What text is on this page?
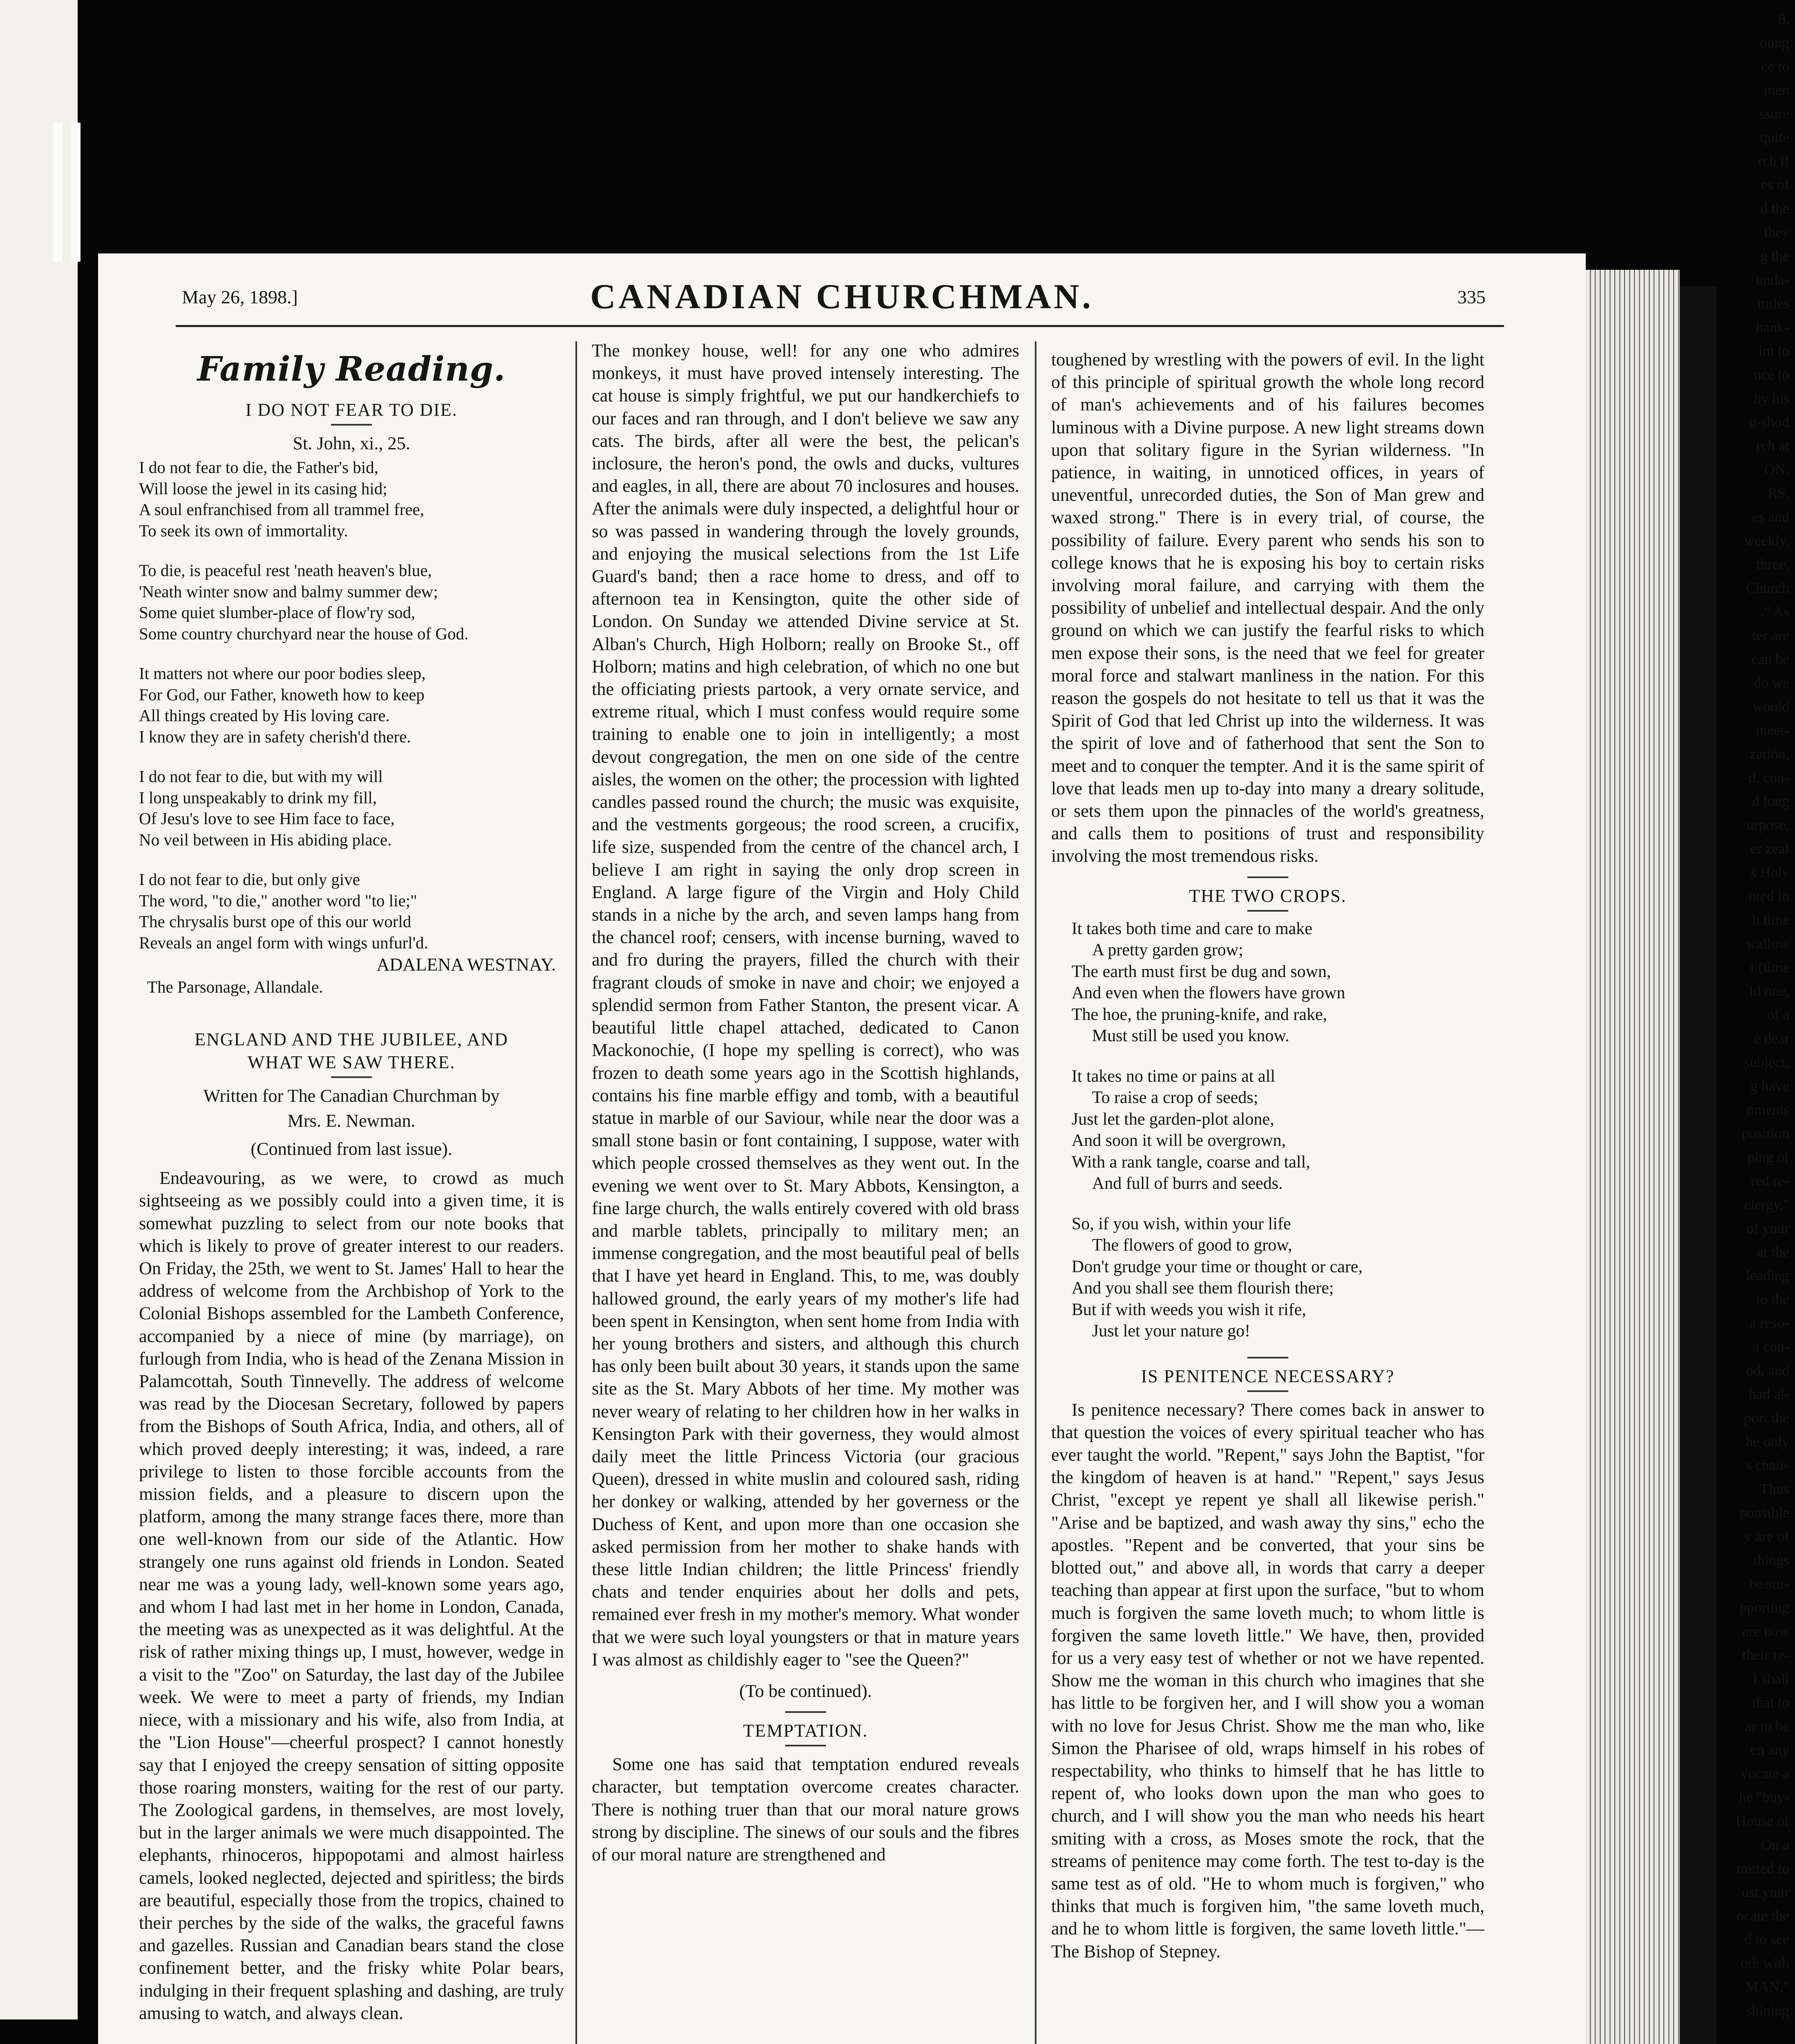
8.
oung
ce to
men
ssure
quite
rch if
es of
d the
they
g the
unda-
miles
hank-
im to
nce to
by his
o-shod
rch at
ON.
RS.
es and
weekly,
three,
Church
." As
ter are
can be
do we
would
meet-
zation,
d, con-
d long
urpose,
er zeal
s Holy
oted in
h time
wallow
t (time
ld one,
of a
e dear
subject,
g have
nments
position
ping of
red re-
elergy."
of your
at the
leading
to the
a reso-
n con-
od, and
had al-
port the
he only
s chair-
Thus
ponsible
y are of
things
be sur-
pporting
are now
their re-
I shall
that to
ar to be
en any
vocate a
he "buy-
House of
On a
mitted to
ust your
ocate the
d to see
oth with
MAN."
shining
May 26, 1898.]	CANADIAN CHURCHMAN.	335

Family Reading.

I DO NOT FEAR TO DIE.

St. John, xi., 25.

I do not fear to die, the Father's bid,

Will loose the jewel in its casing hid;

A soul enfranchised from all trammel free,

To seek its own of immortality.

To die, is peaceful rest 'neath heaven's blue,

'Neath winter snow and balmy summer dew;

Some quiet slumber-place of flow'ry sod,

Some country churchyard near the house of God.

It matters not where our poor bodies sleep,

For God, our Father, knoweth how to keep

All things created by His loving care.

I know they are in safety cherish'd there.

I do not fear to die, but with my will

I long unspeakably to drink my fill,

Of Jesu's love to see Him face to face,

No veil between in His abiding place.

I do not fear to die, but only give

The word, "to die," another word "to lie;"

The chrysalis burst ope of this our world

Reveals an angel form with wings unfurl'd.

ADALENA WESTNAY.

The Parsonage, Allandale.

ENGLAND AND THE JUBILEE, AND

WHAT WE SAW THERE.

Written for The Canadian Churchman by

Mrs. E. Newman.

(Continued from last issue).

Endeavouring, as we were, to crowd as much sightseeing as we possibly could into a given time, it is somewhat puzzling to select from our note books that which is likely to prove of greater interest to our readers. On Friday, the 25th, we went to St. James' Hall to hear the address of welcome from the Archbishop of York to the Colonial Bishops assembled for the Lambeth Conference, accompanied by a niece of mine (by marriage), on furlough from India, who is head of the Zenana Mission in Palamcottah, South Tinnevelly. The address of welcome was read by the Diocesan Secretary, followed by papers from the Bishops of South Africa, India, and others, all of which proved deeply interesting; it was, indeed, a rare privilege to listen to those forcible accounts from the mission fields, and a pleasure to discern upon the platform, among the many strange faces there, more than one well-known from our side of the Atlantic. How strangely one runs against old friends in London. Seated near me was a young lady, well-known some years ago, and whom I had last met in her home in London, Canada, the meeting was as unexpected as it was delightful. At the risk of rather mixing things up, I must, however, wedge in a visit to the "Zoo" on Saturday, the last day of the Jubilee week. We were to meet a party of friends, my Indian niece, with a missionary and his wife, also from India, at the "Lion House"—cheerful prospect? I cannot honestly say that I enjoyed the creepy sensation of sitting opposite those roaring monsters, waiting for the rest of our party. The Zoological gardens, in themselves, are most lovely, but in the larger animals we were much disappointed. The elephants, rhinoceros, hippopotami and almost hairless camels, looked neglected, dejected and spiritless; the birds are beautiful, especially those from the tropics, chained to their perches by the side of the walks, the graceful fawns and gazelles. Russian and Canadian bears stand the close confinement better, and the frisky white Polar bears, indulging in their frequent splashing and dashing, are truly amusing to watch, and always clean.

The monkey house, well! for any one who admires monkeys, it must have proved intensely interesting. The cat house is simply frightful, we put our handkerchiefs to our faces and ran through, and I don't believe we saw any cats. The birds, after all were the best, the pelican's inclosure, the heron's pond, the owls and ducks, vultures and eagles, in all, there are about 70 inclosures and houses. After the animals were duly inspected, a delightful hour or so was passed in wandering through the lovely grounds, and enjoying the musical selections from the 1st Life Guard's band; then a race home to dress, and off to afternoon tea in Kensington, quite the other side of London. On Sunday we attended Divine service at St. Alban's Church, High Holborn; really on Brooke St., off Holborn; matins and high celebration, of which no one but the officiating priests partook, a very ornate service, and extreme ritual, which I must confess would require some training to enable one to join in intelligently; a most devout congregation, the men on one side of the centre aisles, the women on the other; the procession with lighted candles passed round the church; the music was exquisite, and the vestments gorgeous; the rood screen, a crucifix, life size, suspended from the centre of the chancel arch, I believe I am right in saying the only drop screen in England. A large figure of the Virgin and Holy Child stands in a niche by the arch, and seven lamps hang from the chancel roof; censers, with incense burning, waved to and fro during the prayers, filled the church with their fragrant clouds of smoke in nave and choir; we enjoyed a splendid sermon from Father Stanton, the present vicar. A beautiful little chapel attached, dedicated to Canon Mackonochie, (I hope my spelling is correct), who was frozen to death some years ago in the Scottish highlands, contains his fine marble effigy and tomb, with a beautiful statue in marble of our Saviour, while near the door was a small stone basin or font containing, I suppose, water with which people crossed themselves as they went out. In the evening we went over to St. Mary Abbots, Kensington, a fine large church, the walls entirely covered with old brass and marble tablets, principally to military men; an immense congregation, and the most beautiful peal of bells that I have yet heard in England. This, to me, was doubly hallowed ground, the early years of my mother's life had been spent in Kensington, when sent home from India with her young brothers and sisters, and although this church has only been built about 30 years, it stands upon the same site as the St. Mary Abbots of her time. My mother was never weary of relating to her children how in her walks in Kensington Park with their governess, they would almost daily meet the little Princess Victoria (our gracious Queen), dressed in white muslin and coloured sash, riding her donkey or walking, attended by her governess or the Duchess of Kent, and upon more than one occasion she asked permission from her mother to shake hands with these little Indian children; the little Princess' friendly chats and tender enquiries about her dolls and pets, remained ever fresh in my mother's memory. What wonder that we were such loyal youngsters or that in mature years I was almost as childishly eager to "see the Queen?"

(To be continued).

TEMPTATION.

Some one has said that temptation endured reveals character, but temptation overcome creates character. There is nothing truer than that our moral nature grows strong by discipline. The sinews of our souls and the fibres of our moral nature are strengthened and

toughened by wrestling with the powers of evil. In the light of this principle of spiritual growth the whole long record of man's achievements and of his failures becomes luminous with a Divine purpose. A new light streams down upon that solitary figure in the Syrian wilderness. "In patience, in waiting, in unnoticed offices, in years of uneventful, unrecorded duties, the Son of Man grew and waxed strong." There is in every trial, of course, the possibility of failure. Every parent who sends his son to college knows that he is exposing his boy to certain risks involving moral failure, and carrying with them the possibility of unbelief and intellectual despair. And the only ground on which we can justify the fearful risks to which men expose their sons, is the need that we feel for greater moral force and stalwart manliness in the nation. For this reason the gospels do not hesitate to tell us that it was the Spirit of God that led Christ up into the wilderness. It was the spirit of love and of fatherhood that sent the Son to meet and to conquer the tempter. And it is the same spirit of love that leads men up to-day into many a dreary solitude, or sets them upon the pinnacles of the world's greatness, and calls them to positions of trust and responsibility involving the most tremendous risks.

THE TWO CROPS.

It takes both time and care to make

A pretty garden grow;

The earth must first be dug and sown,

And even when the flowers have grown

The hoe, the pruning-knife, and rake,

Must still be used you know.

It takes no time or pains at all

To raise a crop of seeds;

Just let the garden-plot alone,

And soon it will be overgrown,

With a rank tangle, coarse and tall,

And full of burrs and seeds.

So, if you wish, within your life

The flowers of good to grow,

Don't grudge your time or thought or care,

And you shall see them flourish there;

But if with weeds you wish it rife,

Just let your nature go!

IS PENITENCE NECESSARY?

Is penitence necessary? There comes back in answer to that question the voices of every spiritual teacher who has ever taught the world. "Repent," says John the Baptist, "for the kingdom of heaven is at hand." "Repent," says Jesus Christ, "except ye repent ye shall all likewise perish." "Arise and be baptized, and wash away thy sins," echo the apostles. "Repent and be converted, that your sins be blotted out," and above all, in words that carry a deeper teaching than appear at first upon the surface, "but to whom much is forgiven the same loveth much; to whom little is forgiven the same loveth little." We have, then, provided for us a very easy test of whether or not we have repented. Show me the woman in this church who imagines that she has little to be forgiven her, and I will show you a woman with no love for Jesus Christ. Show me the man who, like Simon the Pharisee of old, wraps himself in his robes of respectability, who thinks to himself that he has little to repent of, who looks down upon the man who goes to church, and I will show you the man who needs his heart smiting with a cross, as Moses smote the rock, that the streams of penitence may come forth. The test to-day is the same test as of old. "He to whom much is forgiven," who thinks that much is forgiven him, "the same loveth much, and he to whom little is forgiven, the same loveth little."—The Bishop of Stepney.
